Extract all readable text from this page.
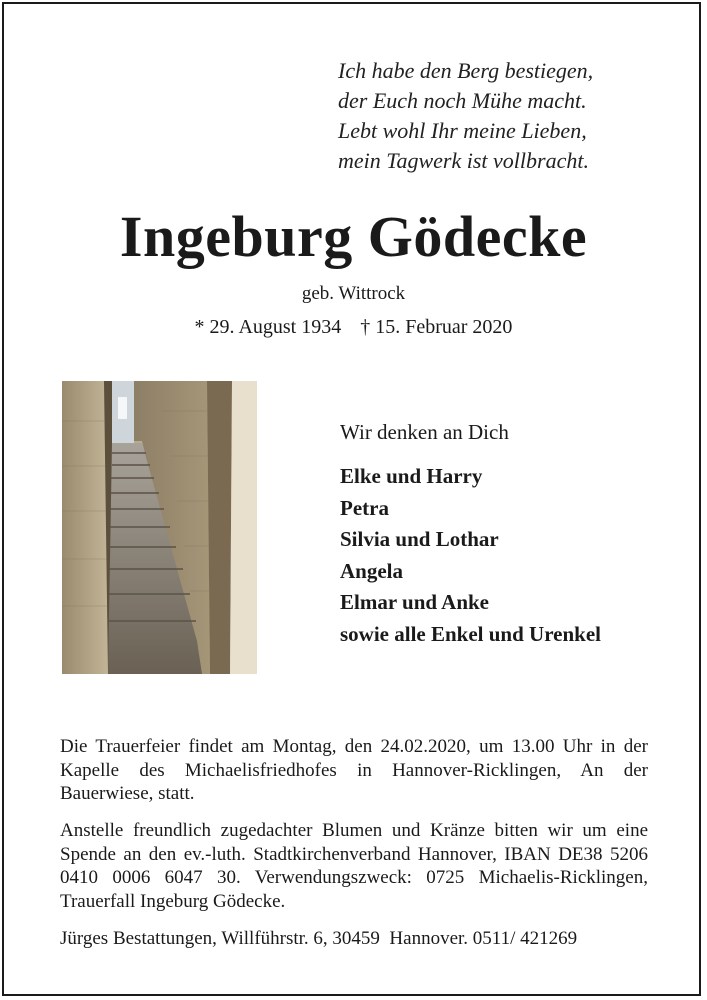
Ich habe den Berg bestiegen,
der Euch noch Mühe macht.
Lebt wohl Ihr meine Lieben,
mein Tagwerk ist vollbracht.
Ingeburg Gödecke
geb. Wittrock
* 29. August 1934 † 15. Februar 2020
Wir denken an Dich
Elke und Harry
Petra
Silvia und Lothar
Angela
Elmar und Anke
sowie alle Enkel und Urenkel
Die Trauerfeier findet am Montag, den 24.02.2020, um 13.00 Uhr in der Kapelle des Michaelisfriedhofes in Hannover-Ricklingen, An der Bauerwiese, statt.
Anstelle freundlich zugedachter Blumen und Kränze bitten wir um eine Spende an den ev.-luth. Stadtkirchenverband Hannover, IBAN DE38 5206 0410 0006 6047 30. Verwendungszweck: 0725 Michaelis-Ricklingen, Trauerfall Ingeburg Gödecke.
Jürges Bestattungen, Willführstr. 6, 30459  Hannover. 0511/ 421269
